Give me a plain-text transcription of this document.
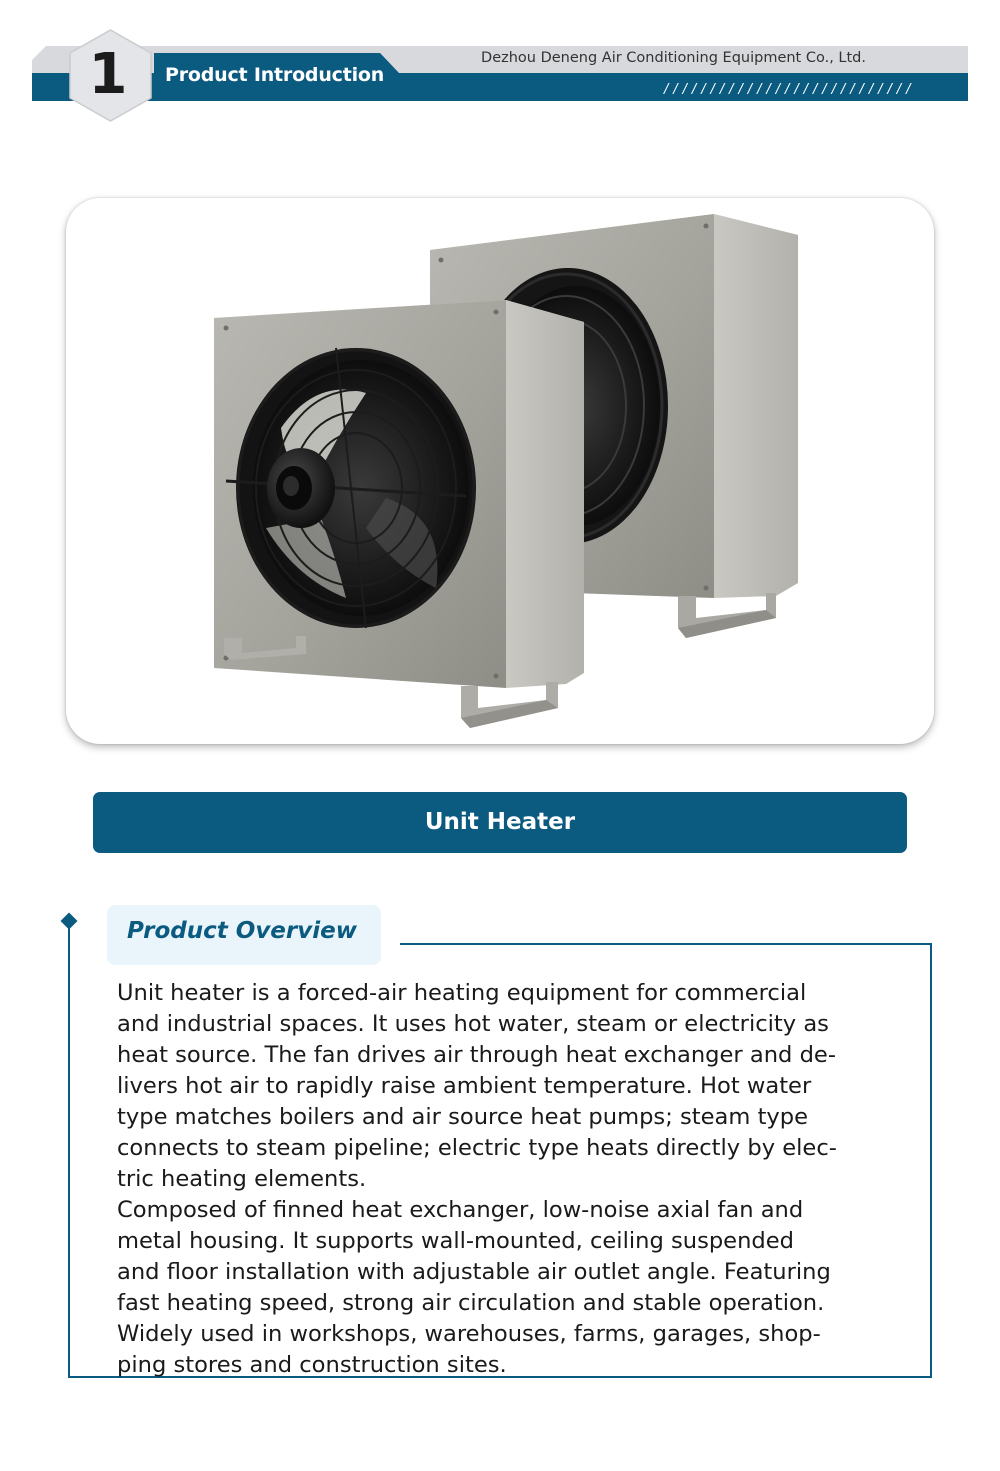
Dezhou Deneng Air Conditioning Equipment Co., Ltd.
/ / / / / / / / / / / / / / / / / / / / / / / / / / /
1	Product Introduction
Unit Heater
Product Overview
Unit heater is a forced-air heating equipment for commercial
and industrial spaces. It uses hot water, steam or electricity as
heat source. The fan drives air through heat exchanger and de-
livers hot air to rapidly raise ambient temperature. Hot water
type matches boilers and air source heat pumps; steam type
connects to steam pipeline; electric type heats directly by elec-
tric heating elements.
Composed of finned heat exchanger, low-noise axial fan and
metal housing. It supports wall-mounted, ceiling suspended
and floor installation with adjustable air outlet angle. Featuring
fast heating speed, strong air circulation and stable operation.
Widely used in workshops, warehouses, farms, garages, shop-
ping stores and construction sites.
